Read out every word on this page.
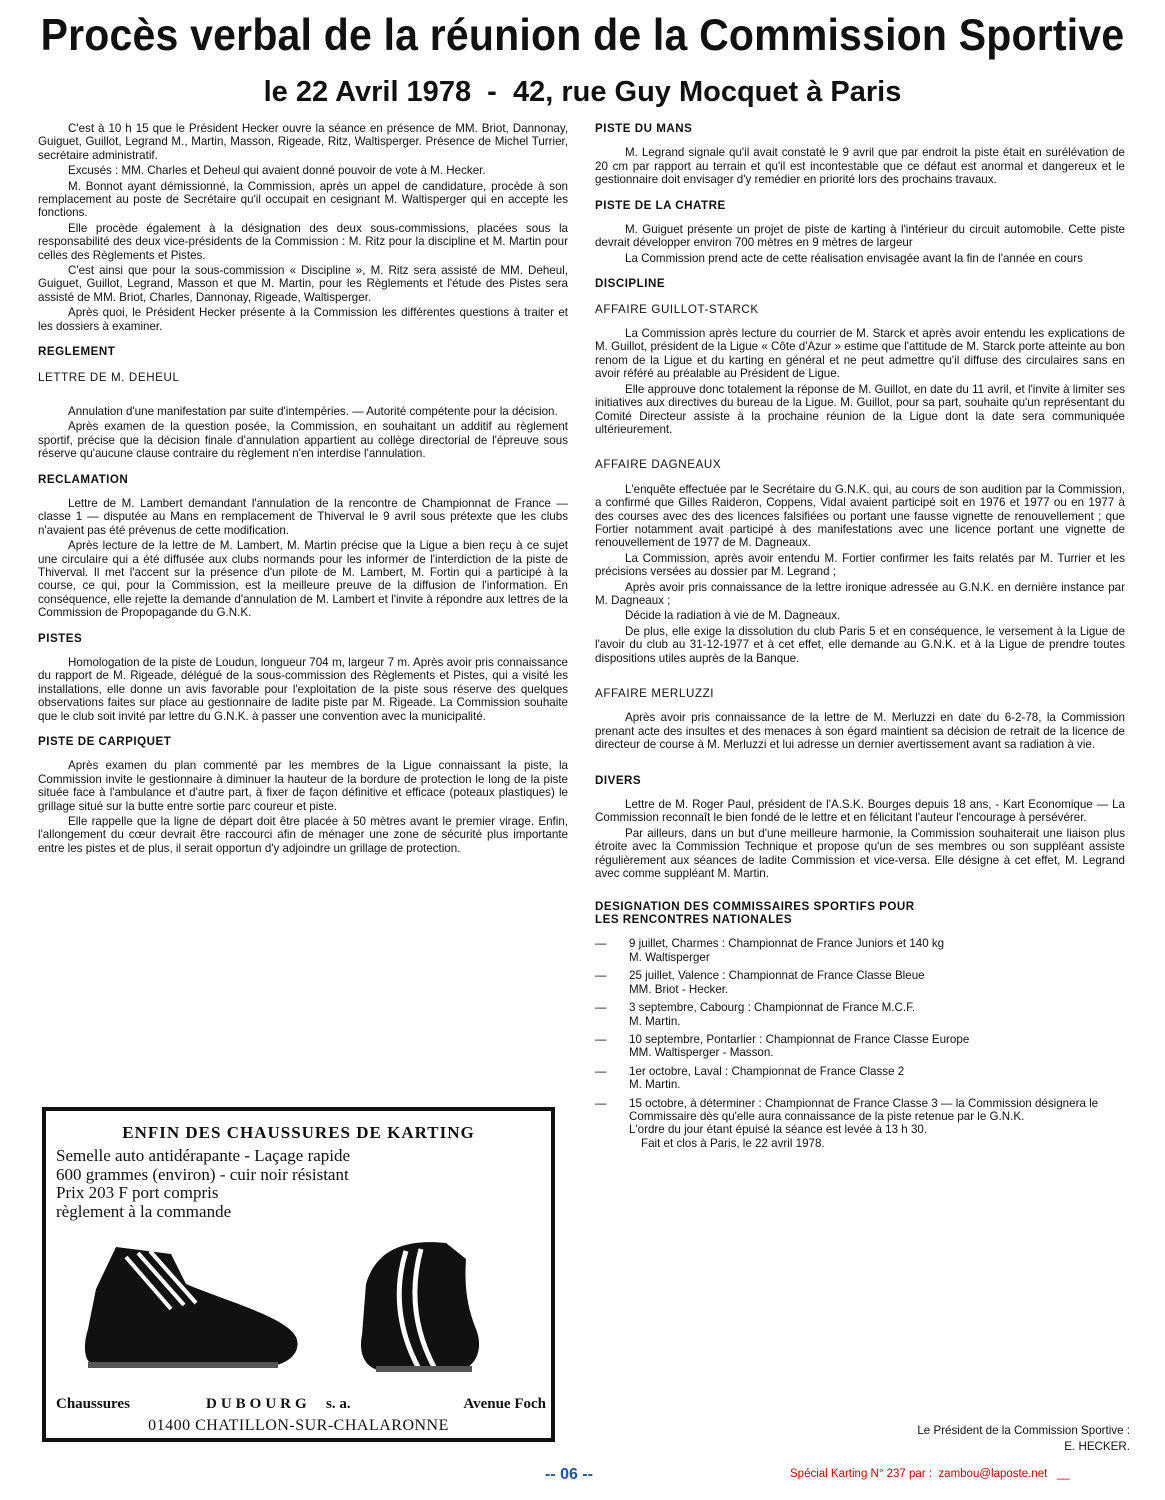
Procès verbal de la réunion de la Commission Sportive
le 22 Avril 1978  -  42, rue Guy Mocquet à Paris

C'est à 10 h 15 que le Président Hecker ouvre la séance en présence de MM. Briot, Dannonay, Guiguet, Guillot, Legrand M., Martin, Masson, Rigeade, Ritz, Waltisperger. Présence de Michel Turrier, secrétaire administratif.

Excusés : MM. Charles et Deheul qui avaient donné pouvoir de vote à M. Hecker.

M. Bonnot ayant démissionné, la Commission, après un appel de candidature, procède à son remplacement au poste de Secrétaire qu'il occupait en cesignant M. Waltisperger qui en accepte les fonctions.

Elle procède également à la désignation des deux sous-commissions, placées sous la responsabilité des deux vice-présidents de la Commission : M. Ritz pour la discipline et M. Martin pour celles des Règlements et Pistes.

C'est ainsi que pour la sous-commission « Discipline », M. Ritz sera assisté de MM. Deheul, Guiguet, Guillot, Legrand, Masson et que M. Martin, pour les Règlements et l'étude des Pistes sera assisté de MM. Briot, Charles, Dannonay, Rigeade, Waltisperger.

Après quoi, le Président Hecker présente à la Commission les différentes questions à traiter et les dossiers à examiner.

REGLEMENT
LETTRE DE M. DEHEUL

Annulation d'une manifestation par suite d'intempéries. — Autorité compétente pour la décision.

Après examen de la question posée, la Commission, en souhaitant un additif au règlement sportif, précise que la décision finale d'annulation appartient au collège directorial de l'épreuve sous réserve qu'aucune clause contraire du règlement n'en interdise l'annulation.

RECLAMATION

Lettre de M. Lambert demandant l'annulation de la rencontre de Championnat de France — classe 1 — disputée au Mans en remplacement de Thiverval le 9 avril sous prétexte que les clubs n'avaient pas été prévenus de cette modification.

Après lecture de la lettre de M. Lambert, M. Martin précise que la Ligue a bien reçu à ce sujet une circulaire qui a été diffusée aux clubs normands pour les informer de l'interdiction de la piste de Thiverval. Il met l'accent sur la présence d'un pilote de M. Lambert, M. Fortin qui a participé à la course, ce qui, pour la Commission, est la meilleure preuve de la diffusion de l'information. En conséquence, elle rejette la demande d'annulation de M. Lambert et l'invite à répondre aux lettres de la Commission de Propopagande du G.N.K.

PISTES

Homologation de la piste de Loudun, longueur 704 m, largeur 7 m. Après avoir pris connaissance du rapport de M. Rigeade, délégué de la sous-commission des Règlements et Pistes, qui a visité les installations, elle donne un avis favorable pour l'exploitation de la piste sous réserve des quelques observations faites sur place au gestionnaire de ladite piste par M. Rigeade. La Commission souhaite que le club soit invité par lettre du G.N.K. à passer une convention avec la municipalité.

PISTE DE CARPIQUET

Après examen du plan commenté par les membres de la Ligue connaissant la piste, la Commission invite le gestionnaire à diminuer la hauteur de la bordure de protection le long de la piste située face à l'ambulance et d'autre part, à fixer de façon définitive et efficace (poteaux plastiques) le grillage situé sur la butte entre sortie parc coureur et piste.

Elle rappelle que la ligne de départ doit être placée à 50 mètres avant le premier virage. Enfin, l'allongement du cœur devrait être raccourci afin de ménager une zone de sécurité plus importante entre les pistes et de plus, il serait opportun d'y adjoindre un grillage de protection.

PISTE DU MANS

M. Legrand signale qu'il avait constaté le 9 avril que par endroit la piste était en surélévation de 20 cm par rapport au terrain et qu'il est incontestable que ce défaut est anormal et dangereux et le gestionnaire doit envisager d'y remédier en priorité lors des prochains travaux.

PISTE DE LA CHATRE

M. Guiguet présente un projet de piste de karting à l'intérieur du circuit automobile. Cette piste devrait développer environ 700 mètres en 9 mètres de largeur

La Commission prend acte de cette réalisation envisagée avant la fin de l'année en cours

DISCIPLINE
AFFAIRE GUILLOT-STARCK

La Commission après lecture du courrier de M. Starck et après avoir entendu les explications de M. Guillot, président de la Ligue « Côte d'Azur » estime que l'attitude de M. Starck porte atteinte au bon renom de la Ligue et du karting en général et ne peut admettre qu'il diffuse des circulaires sans en avoir référé au préalable au Président de Ligue.

Elle approuve donc totalement la réponse de M. Guillot, en date du 11 avril, et l'invite à limiter ses initiatives aux directives du bureau de la Ligue. M. Guillot, pour sa part, souhaite qu'un représentant du Comité Directeur assiste à la prochaine réunion de la Ligue dont la date sera communiquée ultérieurement.

AFFAIRE DAGNEAUX

L'enquête effectuée par le Secrétaire du G.N.K. qui, au cours de son audition par la Commission, a confirmé que Gilles Raideron, Coppens, Vidal avaient participé soit en 1976 et 1977 ou en 1977 à des courses avec des des licences falsifiées ou portant une fausse vignette de renouvellement ; que Fortier notamment avait participé à des manifestations avec une licence portant une vignette de renouvellement de 1977 de M. Dagneaux.

La Commission, après avoir entendu M. Fortier confirmer les faits relatés par M. Turrier et les précisions versées au dossier par M. Legrand ;

Après avoir pris connaissance de la lettre ironique adressée au G.N.K. en dernière instance par M. Dagneaux ;

Décide la radiation à vie de M. Dagneaux.

De plus, elle exige la dissolution du club Paris 5 et en conséquence, le versement à la Ligue de l'avoir du club au 31-12-1977 et à cet effet, elle demande au G.N.K. et à la Ligue de prendre toutes dispositions utiles auprès de la Banque.

AFFAIRE MERLUZZI

Après avoir pris connaissance de la lettre de M. Merluzzi en date du 6-2-78, la Commission prenant acte des insultes et des menaces à son égard maintient sa décision de retrait de la licence de directeur de course à M. Merluzzi et lui adresse un dernier avertissement avant sa radiation à vie.

DIVERS

Lettre de M. Roger Paul, président de l'A.S.K. Bourges depuis 18 ans, - Kart Economique — La Commission reconnaît le bien fondé de le lettre et en félicitant l'auteur l'encourage à persévérer.

Par ailleurs, dans un but d'une meilleure harmonie, la Commission souhaiterait une liaison plus étroite avec la Commission Technique et propose qu'un de ses membres ou son suppléant assiste régulièrement aux séances de ladite Commission et vice-versa. Elle désigne à cet effet, M. Legrand avec comme suppléant M. Martin.

DESIGNATION DES COMMISSAIRES SPORTIFS POUR LES RENCONTRES NATIONALES
— 9 juillet, Charmes : Championnat de France Juniors et 140 kg
M. Waltisperger
— 25 juillet, Valence : Championnat de France Classe Bleue
MM. Briot - Hecker.
— 3 septembre, Cabourg : Championnat de France M.C.F.
M. Martin.
— 10 septembre, Pontarlier : Championnat de France Classe Europe
MM. Waltisperger - Masson.
— 1er octobre, Laval : Championnat de France Classe 2
M. Martin.
— 15 octobre, à déterminer : Championnat de France Classe 3 — la Commission désignera le Commissaire dès qu'elle aura connaissance de la piste retenue par le G.N.K.
L'ordre du jour étant épuisé la séance est levée à 13 h 30.
Fait et clos à Paris, le 22 avril 1978.
Le Président de la Commission Sportive :
E. HECKER.
ENFIN DES CHAUSSURES DE KARTING
Semelle auto antidérapante - Laçage rapide
600 grammes (environ) - cuir noir résistant
Prix 203 F port compris
règlement à la commande
Chaussures	DUBOURG s. a.	Avenue Foch
01400 CHATILLON-SUR-CHALARONNE
-- 06 --	Spécial Karting N° 237 par :  zambou@laposte.net   __
